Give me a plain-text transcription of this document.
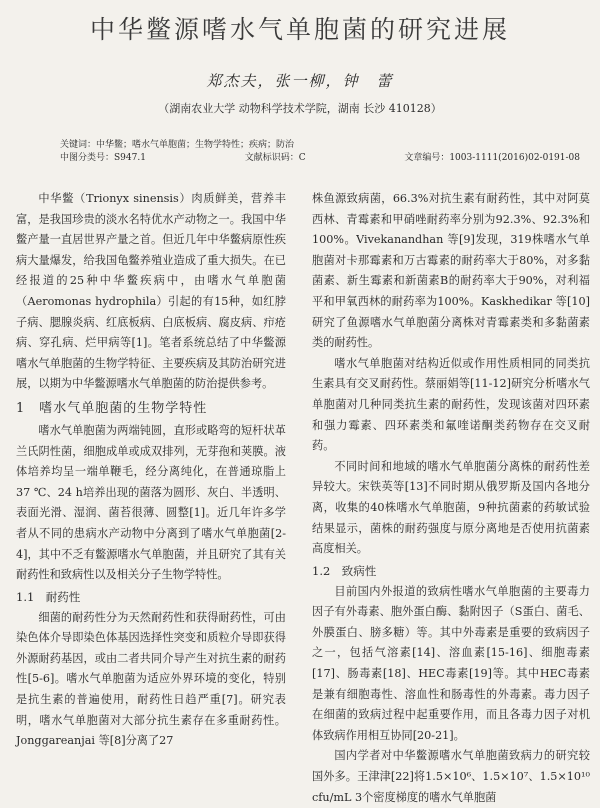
中华鳖源嗜水气单胞菌的研究进展
郑杰夫，张一柳，钟　蕾
（湖南农业大学 动物科学技术学院，湖南 长沙 410128）
关键词：中华鳖；嗜水气单胞菌；生物学特性；疾病；防治
中图分类号：S947.1	文献标识码：C	文章编号：1003-1111(2016)02-0191-08

中华鳖（Trionyx sinensis）肉质鲜美，营养丰富，是我国珍贵的淡水名特优水产动物之一。我国中华鳖产量一直居世界产量之首。但近几年中华鳖病原性疾病大量爆发，给我国龟鳖养殖业造成了重大损失。在已经报道的25种中华鳖疾病中，由嗜水气单胞菌（Aeromonas hydrophila）引起的有15种，如红脖子病、腮腺炎病、红底板病、白底板病、腐皮病、疖疮病、穿孔病、烂甲病等[1]。笔者系统总结了中华鳖源嗜水气单胞菌的生物学特征、主要疾病及其防治研究进展，以期为中华鳖源嗜水气单胞菌的防治提供参考。

1　嗜水气单胞菌的生物学特性

嗜水气单胞菌为两端钝圆，直形或略弯的短杆状革兰氏阴性菌，细胞成单或成双排列，无芽孢和荚膜。液体培养均呈一端单鞭毛，经分离纯化，在普通琼脂上37 ℃、24 h培养出现的菌落为圆形、灰白、半透明、表面光滑、湿润、菌苔很薄、圆整[1]。近几年许多学者从不同的患病水产动物中分离到了嗜水气单胞菌[2-4]，其中不乏有鳖源嗜水气单胞菌，并且研究了其有关耐药性和致病性以及相关分子生物学特性。

1.1　耐药性

细菌的耐药性分为天然耐药性和获得耐药性，可由染色体介导即染色体基因选择性突变和质粒介导即获得外源耐药基因，或由二者共同介导产生对抗生素的耐药性[5-6]。嗜水气单胞菌为适应外界环境的变化，特别是抗生素的普遍使用，耐药性日趋严重[7]。研究表明，嗜水气单胞菌对大部分抗生素存在多重耐药性。Jonggareanjai 等[8]分离了27

株鱼源致病菌，66.3%对抗生素有耐药性，其中对阿莫西林、青霉素和甲硝唑耐药率分别为92.3%、92.3%和100%。Vivekanandhan 等[9]发现，319株嗜水气单胞菌对卡那霉素和万古霉素的耐药率大于80%，对多黏菌素、新生霉素和新菌素B的耐药率大于90%，对利福平和甲氧西林的耐药率为100%。Kaskhedikar 等[10]研究了鱼源嗜水气单胞菌分离株对青霉素类和多黏菌素类的耐药性。

嗜水气单胞菌对结构近似或作用性质相同的同类抗生素具有交叉耐药性。蔡丽娟等[11-12]研究分析嗜水气单胞菌对几种同类抗生素的耐药性，发现该菌对四环素和强力霉素、四环素类和氟喹诺酮类药物存在交叉耐药。

不同时间和地域的嗜水气单胞菌分离株的耐药性差异较大。宋铁英等[13]不同时期从俄罗斯及国内各地分离，收集的40株嗜水气单胞菌，9种抗菌素的药敏试验结果显示，菌株的耐药强度与原分离地是否使用抗菌素高度相关。

1.2　致病性

目前国内外报道的致病性嗜水气单胞菌的主要毒力因子有外毒素、胞外蛋白酶、黏附因子（S蛋白、菌毛、外膜蛋白、膀多糖）等。其中外毒素是重要的致病因子之一，包括气溶素[14]、溶血素[15-16]、细胞毒素[17]、肠毒素[18]、HEC毒素[19]等。其中HEC毒素是兼有细胞毒性、溶血性和肠毒性的外毒素。毒力因子在细菌的致病过程中起重要作用，而且各毒力因子对机体致病作用相互协同[20-21]。

国内学者对中华鳖源嗜水气单胞菌致病力的研究较国外多。王津津[22]将1.5×10⁶、1.5×10⁷、1.5×10¹⁰ cfu/mL 3个密度梯度的嗜水气单胞菌
